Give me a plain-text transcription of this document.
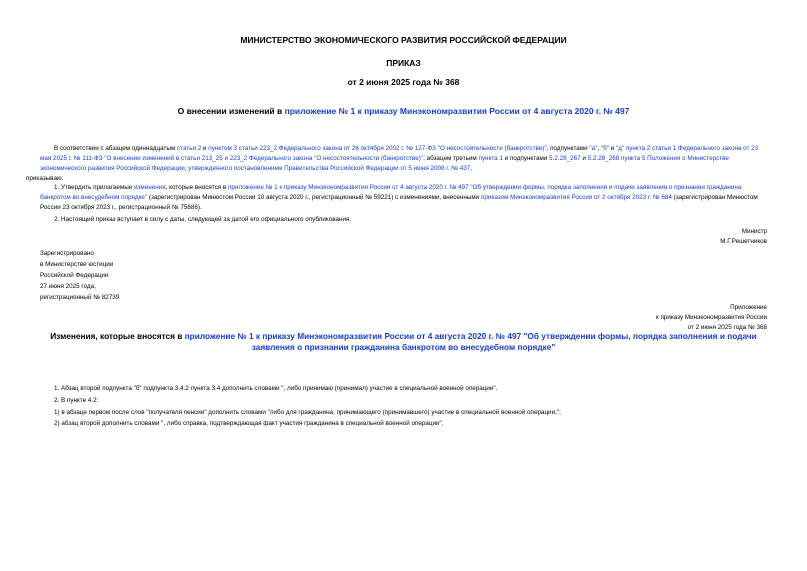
МИНИСТЕРСТВО ЭКОНОМИЧЕСКОГО РАЗВИТИЯ РОССИЙСКОЙ ФЕДЕРАЦИИ
ПРИКАЗ
от 2 июня 2025 года № 368
О внесении изменений в приложение № 1 к приказу Минэкономразвития России от 4 августа 2020 г. № 497
В соответствии с абзацем одиннадцатым статьи 2 и пунктом 3 статьи 223_2 Федерального закона от 26 октября 2002 г. № 127-ФЗ "О несостоятельности (банкротстве)", подпунктами "а", "б" и "д" пункта 2 статьи 1 Федерального закона от 23 мая 2025 г. № 111-ФЗ "О внесении изменений в статьи 213_25 и 223_2 Федерального закона "О несостоятельности (банкротстве)", абзацем третьим пункта 1 и подпунктами 5.2.28_267 и 5.2.28_268 пункта 5 Положения о Министерстве экономического развития Российской Федерации, утвержденного постановлением Правительства Российской Федерации от 5 июня 2008 г. № 437,
приказываю:
1. Утвердить прилагаемые изменения, которые вносятся в приложение № 1 к приказу Минэкономразвития России от 4 августа 2020 г. № 497 "Об утверждении формы, порядка заполнения и подачи заявления о признании гражданина банкротом во внесудебном порядке" (зарегистрирован Минюстом России 10 августа 2020 г., регистрационный № 59221) с изменениями, внесенными приказом Минэкономразвития России от 2 октября 2023 г. № 684 (зарегистрирован Минюстом России 23 октября 2023 г., регистрационный № 75686).
2. Настоящий приказ вступает в силу с даты, следующей за датой его официального опубликования.
Министр
М.Г.Решетников
Зарегистрировано
в Министерстве юстиции
Российской Федерации
27 июня 2025 года,
регистрационный № 82739
Приложение
к приказу Минэкономразвития России
от 2 июня 2025 года № 368
Изменения, которые вносятся в приложение № 1 к приказу Минэкономразвития России от 4 августа 2020 г. № 497 "Об утверждении формы, порядка заполнения и подачи заявления о признании гражданина банкротом во внесудебном порядке"
1. Абзац второй подпункта "б" подпункта 3.4.2 пункта 3.4 дополнить словами ", либо принимаю (принимал) участие в специальной военной операции".
2. В пункте 4.2:
1) в абзаце первом после слов "получателя пенсии" дополнить словами "либо для гражданина, принимающего (принимавшего) участие в специальной военной операции,";
2) абзац второй дополнить словами ", либо справка, подтверждающая факт участия гражданина в специальной военной операции".
